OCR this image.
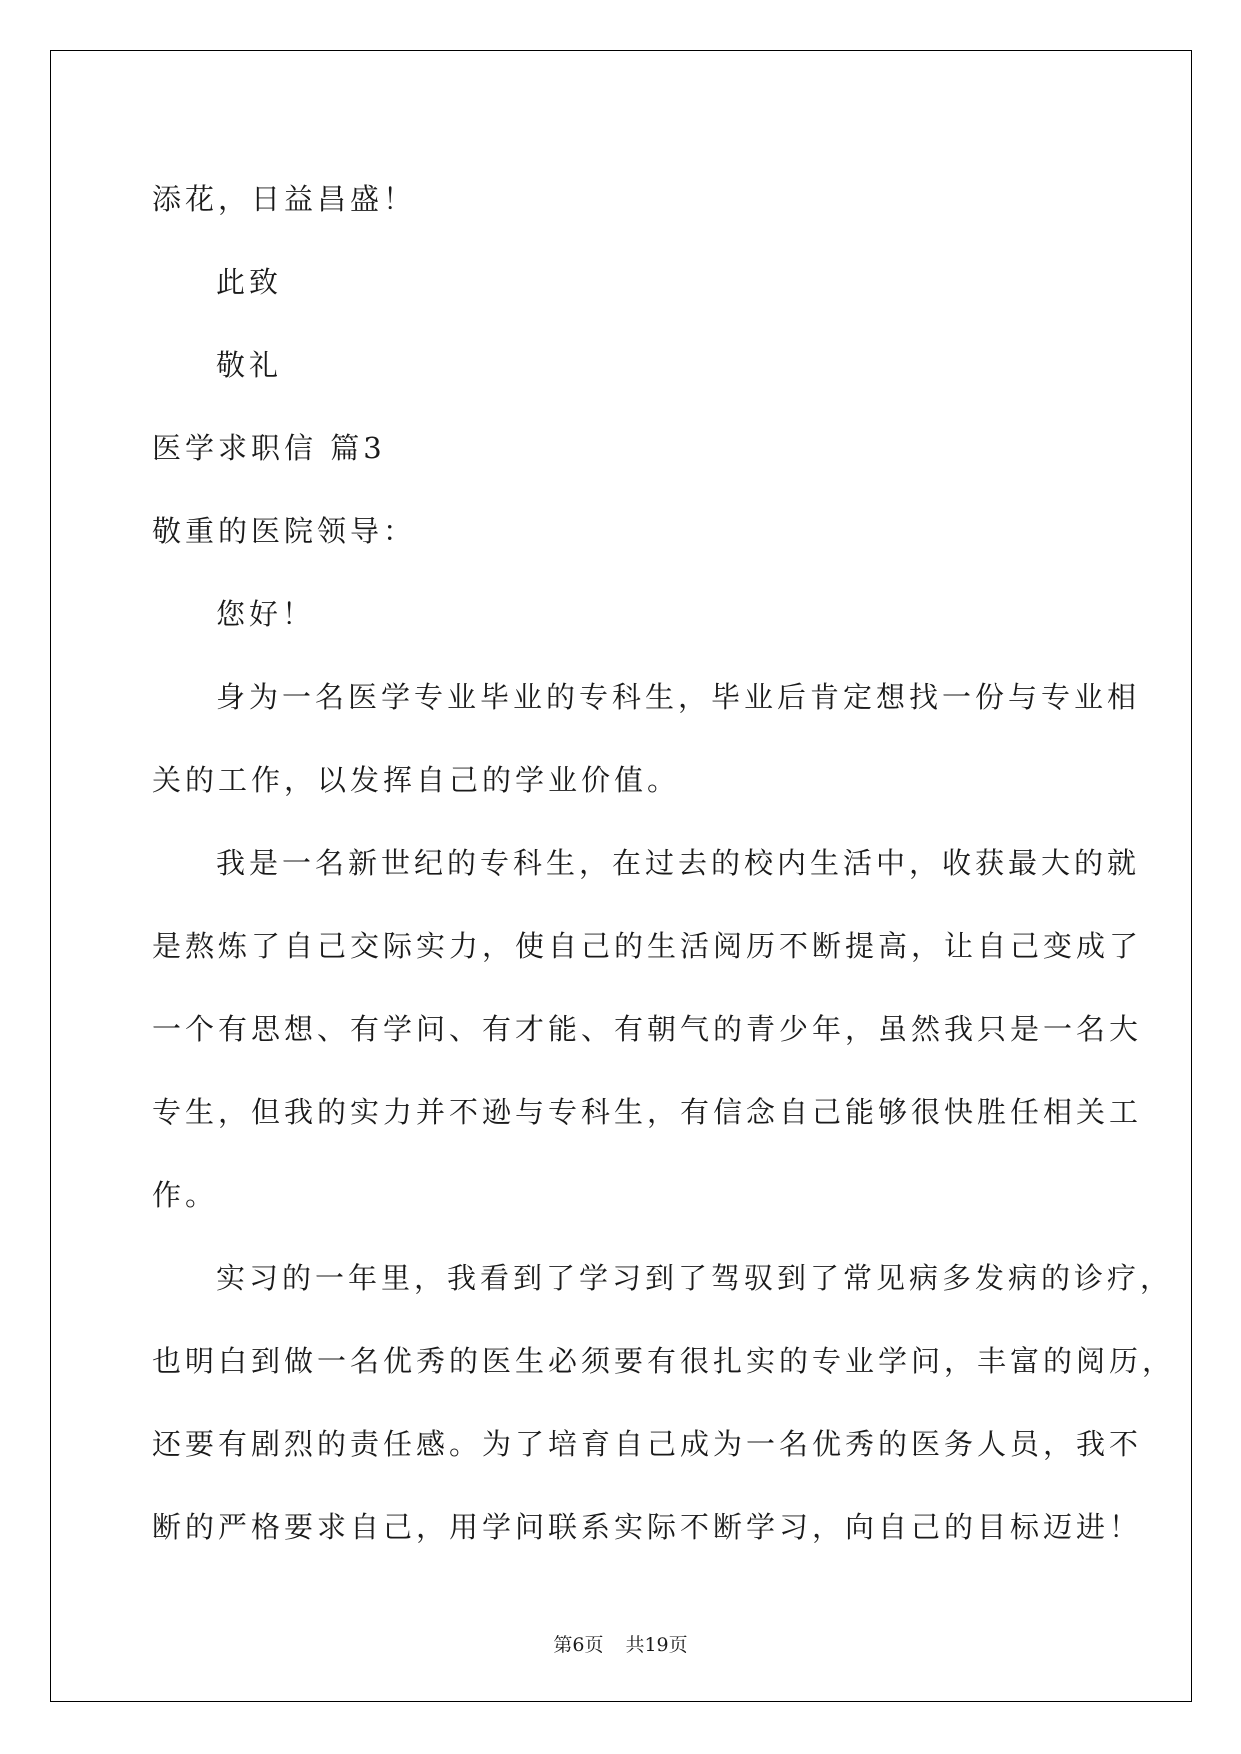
添花，日益昌盛！
此致
敬礼
医学求职信 篇3
敬重的医院领导：
您好！
身为一名医学专业毕业的专科生，毕业后肯定想找一份与专业相
关的工作，以发挥自己的学业价值。
我是一名新世纪的专科生，在过去的校内生活中，收获最大的就
是熬炼了自己交际实力，使自己的生活阅历不断提高，让自己变成了
一个有思想、有学问、有才能、有朝气的青少年，虽然我只是一名大
专生，但我的实力并不逊与专科生，有信念自己能够很快胜任相关工
作。
实习的一年里，我看到了学习到了驾驭到了常见病多发病的诊疗，
也明白到做一名优秀的医生必须要有很扎实的专业学问，丰富的阅历，
还要有剧烈的责任感。为了培育自己成为一名优秀的医务人员，我不
断的严格要求自己，用学问联系实际不断学习，向自己的目标迈进！
第6页 共19页
